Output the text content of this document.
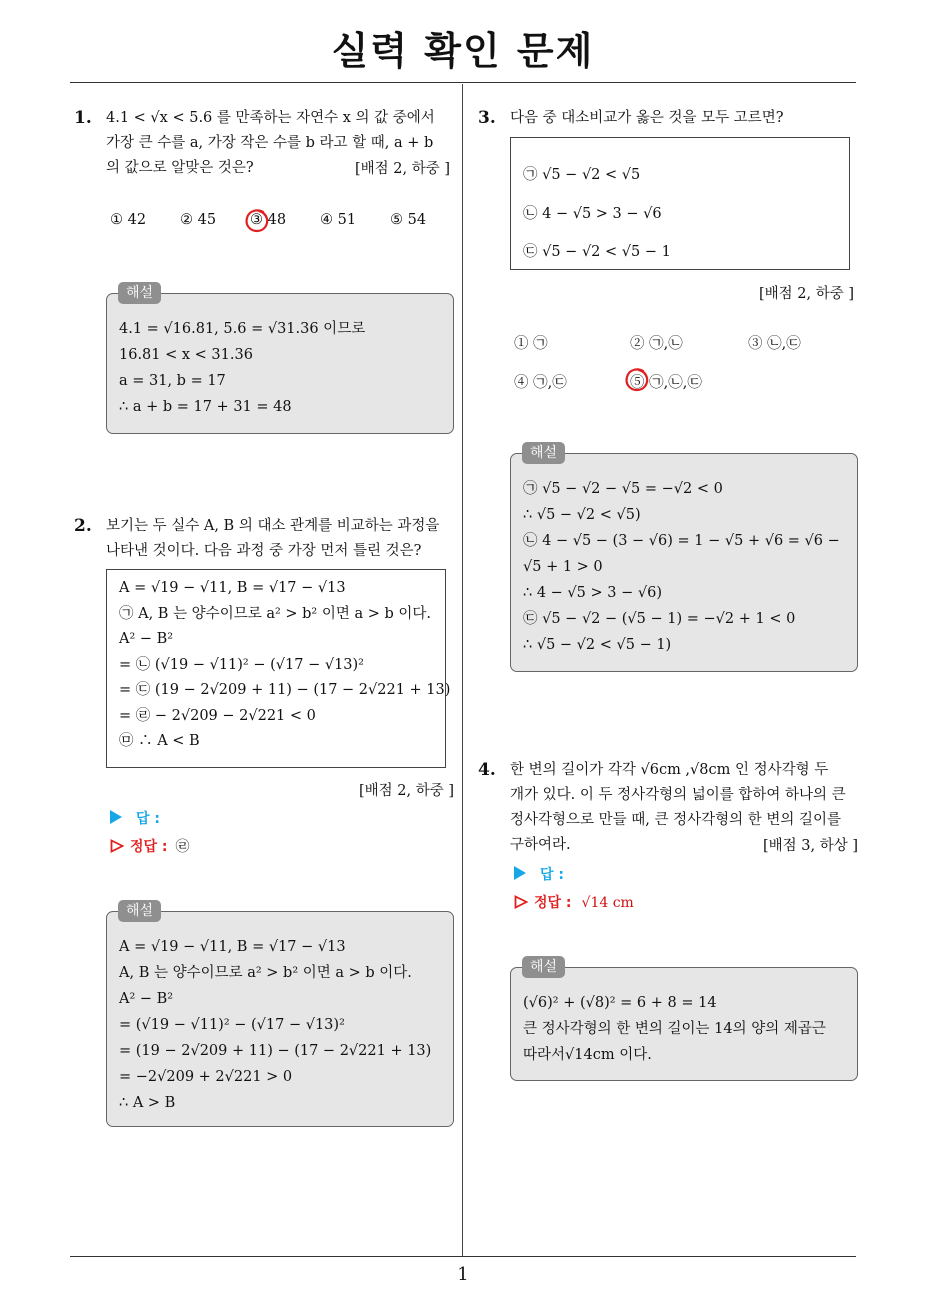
실력 확인 문제
1
1. 4.1 < √x < 5.6 를 만족하는 자연수 x 의 값 중에서
가장 큰 수를 a, 가장 작은 수를 b 라고 할 때, a + b
의 값으로 알맞은 것은?	[배점 2, 하중 ]
① 42 ② 45 ③ 48 ④ 51 ⑤ 54
4.1 = √16.81, 5.6 = √31.36 이므로
16.81 < x < 31.36
a = 31, b = 17
∴ a + b = 17 + 31 = 48
해설
2. 보기는 두 실수 A, B 의 대소 관계를 비교하는 과정을
나타낸 것이다. 다음 과정 중 가장 먼저 틀린 것은?
A = √19 − √11, B = √17 − √13
㉠ A, B 는 양수이므로 a² > b² 이면 a > b 이다.
A² − B²
= ㉡ (√19 − √11)² − (√17 − √13)²
= ㉢ (19 − 2√209 + 11) − (17 − 2√221 + 13)
= ㉣ − 2√209 − 2√221 < 0
㉤ ∴ A < B
[배점 2, 하중 ]
답 :
정답 : ㉣
A = √19 − √11, B = √17 − √13
A, B 는 양수이므로 a² > b² 이면 a > b 이다.
A² − B²
= (√19 − √11)² − (√17 − √13)²
= (19 − 2√209 + 11) − (17 − 2√221 + 13)
= −2√209 + 2√221 > 0
∴ A > B
해설
3. 다음 중 대소비교가 옳은 것을 모두 고르면?
㉠ √5 − √2 < √5
㉡ 4 − √5 > 3 − √6
㉢ √5 − √2 < √5 − 1
[배점 2, 하중 ]
① ㉠	② ㉠,㉡	③ ㉡,㉢
④ ㉠,㉢	⑤ ㉠,㉡,㉢
㉠ √5 − √2 − √5 = −√2 < 0
∴ √5 − √2 < √5)
㉡ 4 − √5 − (3 − √6) = 1 − √5 + √6 = √6 −
√5 + 1 > 0
∴ 4 − √5 > 3 − √6)
㉢ √5 − √2 − (√5 − 1) = −√2 + 1 < 0
∴ √5 − √2 < √5 − 1)
해설
4. 한 변의 길이가 각각 √6cm ,√8cm 인 정사각형 두
개가 있다. 이 두 정사각형의 넓이를 합하여 하나의 큰
정사각형으로 만들 때, 큰 정사각형의 한 변의 길이를
구하여라.	[배점 3, 하상 ]
답 :
정답 : √14 cm
(√6)² + (√8)² = 6 + 8 = 14
큰 정사각형의 한 변의 길이는 14의 양의 제곱근
따라서√14cm 이다.
해설
